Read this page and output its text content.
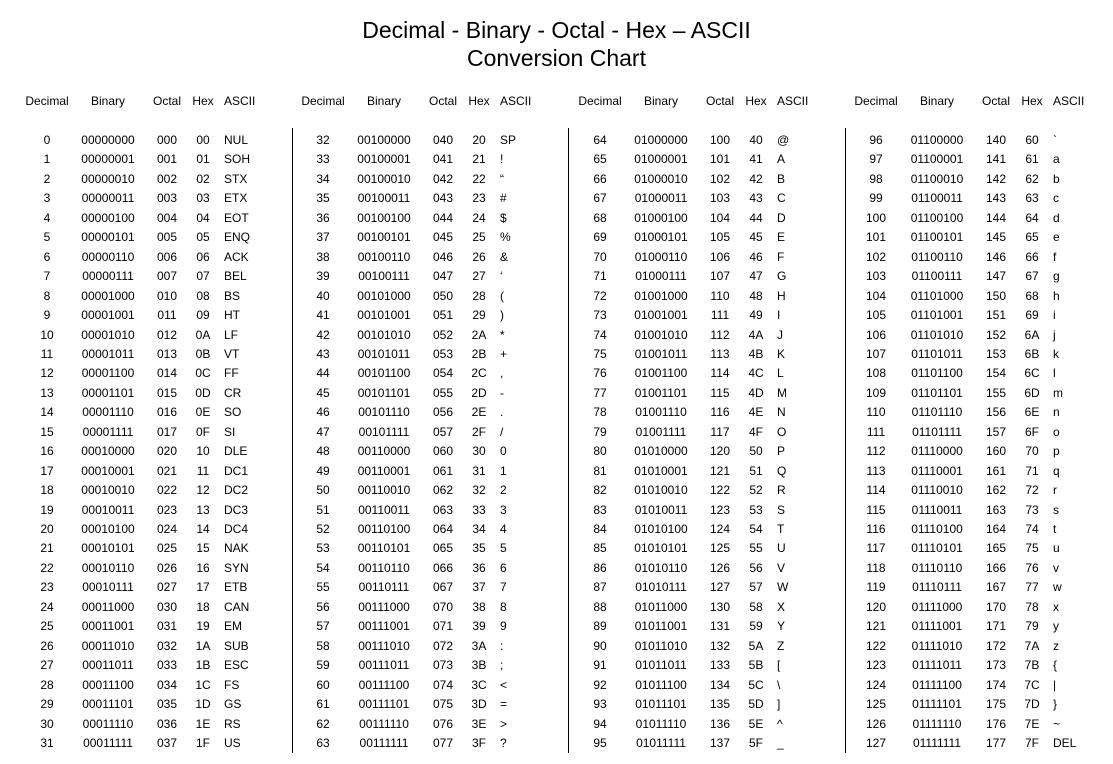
Decimal - Binary - Octal - Hex – ASCII
Conversion Chart
Decimal	Binary	Octal Hex ASCII
0	00000000	000	00	NUL
1	00000001	001	01	SOH
2	00000010	002	02	STX
3	00000011	003	03	ETX
4	00000100	004	04	EOT
5	00000101	005	05	ENQ
6	00000110	006	06	ACK
7	00000111	007	07	BEL
8	00001000	010	08	BS
9	00001001	011	09	HT
10	00001010	012	0A	LF
11	00001011	013	0B	VT
12	00001100	014	0C	FF
13	00001101	015	0D	CR
14	00001110	016	0E	SO
15	00001111	017	0F	SI
16	00010000	020	10	DLE
17	00010001	021	11	DC1
18	00010010	022	12	DC2
19	00010011	023	13	DC3
20	00010100	024	14	DC4
21	00010101	025	15	NAK
22	00010110	026	16	SYN
23	00010111	027	17	ETB
24	00011000	030	18	CAN
25	00011001	031	19	EM
26	00011010	032	1A	SUB
27	00011011	033	1B	ESC
28	00011100	034	1C	FS
29	00011101	035	1D	GS
30	00011110	036	1E	RS
31	00011111	037	1F	US
Decimal	Binary	Octal Hex ASCII
32	00100000	040	20	SP
33	00100001	041	21	!
34	00100010	042	22	“
35	00100011	043	23	#
36	00100100	044	24	$
37	00100101	045	25	%
38	00100110	046	26	&
39	00100111	047	27	‘
40	00101000	050	28	(
41	00101001	051	29	)
42	00101010	052	2A	*
43	00101011	053	2B	+
44	00101100	054	2C	,
45	00101101	055	2D	-
46	00101110	056	2E	.
47	00101111	057	2F	/
48	00110000	060	30	0
49	00110001	061	31	1
50	00110010	062	32	2
51	00110011	063	33	3
52	00110100	064	34	4
53	00110101	065	35	5
54	00110110	066	36	6
55	00110111	067	37	7
56	00111000	070	38	8
57	00111001	071	39	9
58	00111010	072	3A	:
59	00111011	073	3B	;
60	00111100	074	3C	<
61	00111101	075	3D	=
62	00111110	076	3E	>
63	00111111	077	3F	?
Decimal	Binary	Octal Hex ASCII
64	01000000	100	40	@
65	01000001	101	41	A
66	01000010	102	42	B
67	01000011	103	43	C
68	01000100	104	44	D
69	01000101	105	45	E
70	01000110	106	46	F
71	01000111	107	47	G
72	01001000	110	48	H
73	01001001	111	49	I
74	01001010	112	4A	J
75	01001011	113	4B	K
76	01001100	114	4C	L
77	01001101	115	4D	M
78	01001110	116	4E	N
79	01001111	117	4F	O
80	01010000	120	50	P
81	01010001	121	51	Q
82	01010010	122	52	R
83	01010011	123	53	S
84	01010100	124	54	T
85	01010101	125	55	U
86	01010110	126	56	V
87	01010111	127	57	W
88	01011000	130	58	X
89	01011001	131	59	Y
90	01011010	132	5A	Z
91	01011011	133	5B	[
92	01011100	134	5C	\
93	01011101	135	5D	]
94	01011110	136	5E	^
95	01011111	137	5F	_
Decimal	Binary	Octal Hex ASCII
96	01100000	140	60	`
97	01100001	141	61	a
98	01100010	142	62	b
99	01100011	143	63	c
100	01100100	144	64	d
101	01100101	145	65	e
102	01100110	146	66	f
103	01100111	147	67	g
104	01101000	150	68	h
105	01101001	151	69	i
106	01101010	152	6A	j
107	01101011	153	6B	k
108	01101100	154	6C	l
109	01101101	155	6D	m
110	01101110	156	6E	n
111	01101111	157	6F	o
112	01110000	160	70	p
113	01110001	161	71	q
114	01110010	162	72	r
115	01110011	163	73	s
116	01110100	164	74	t
117	01110101	165	75	u
118	01110110	166	76	v
119	01110111	167	77	w
120	01111000	170	78	x
121	01111001	171	79	y
122	01111010	172	7A	z
123	01111011	173	7B	{
124	01111100	174	7C	|
125	01111101	175	7D	}
126	01111110	176	7E	~
127	01111111	177	7F	DEL
